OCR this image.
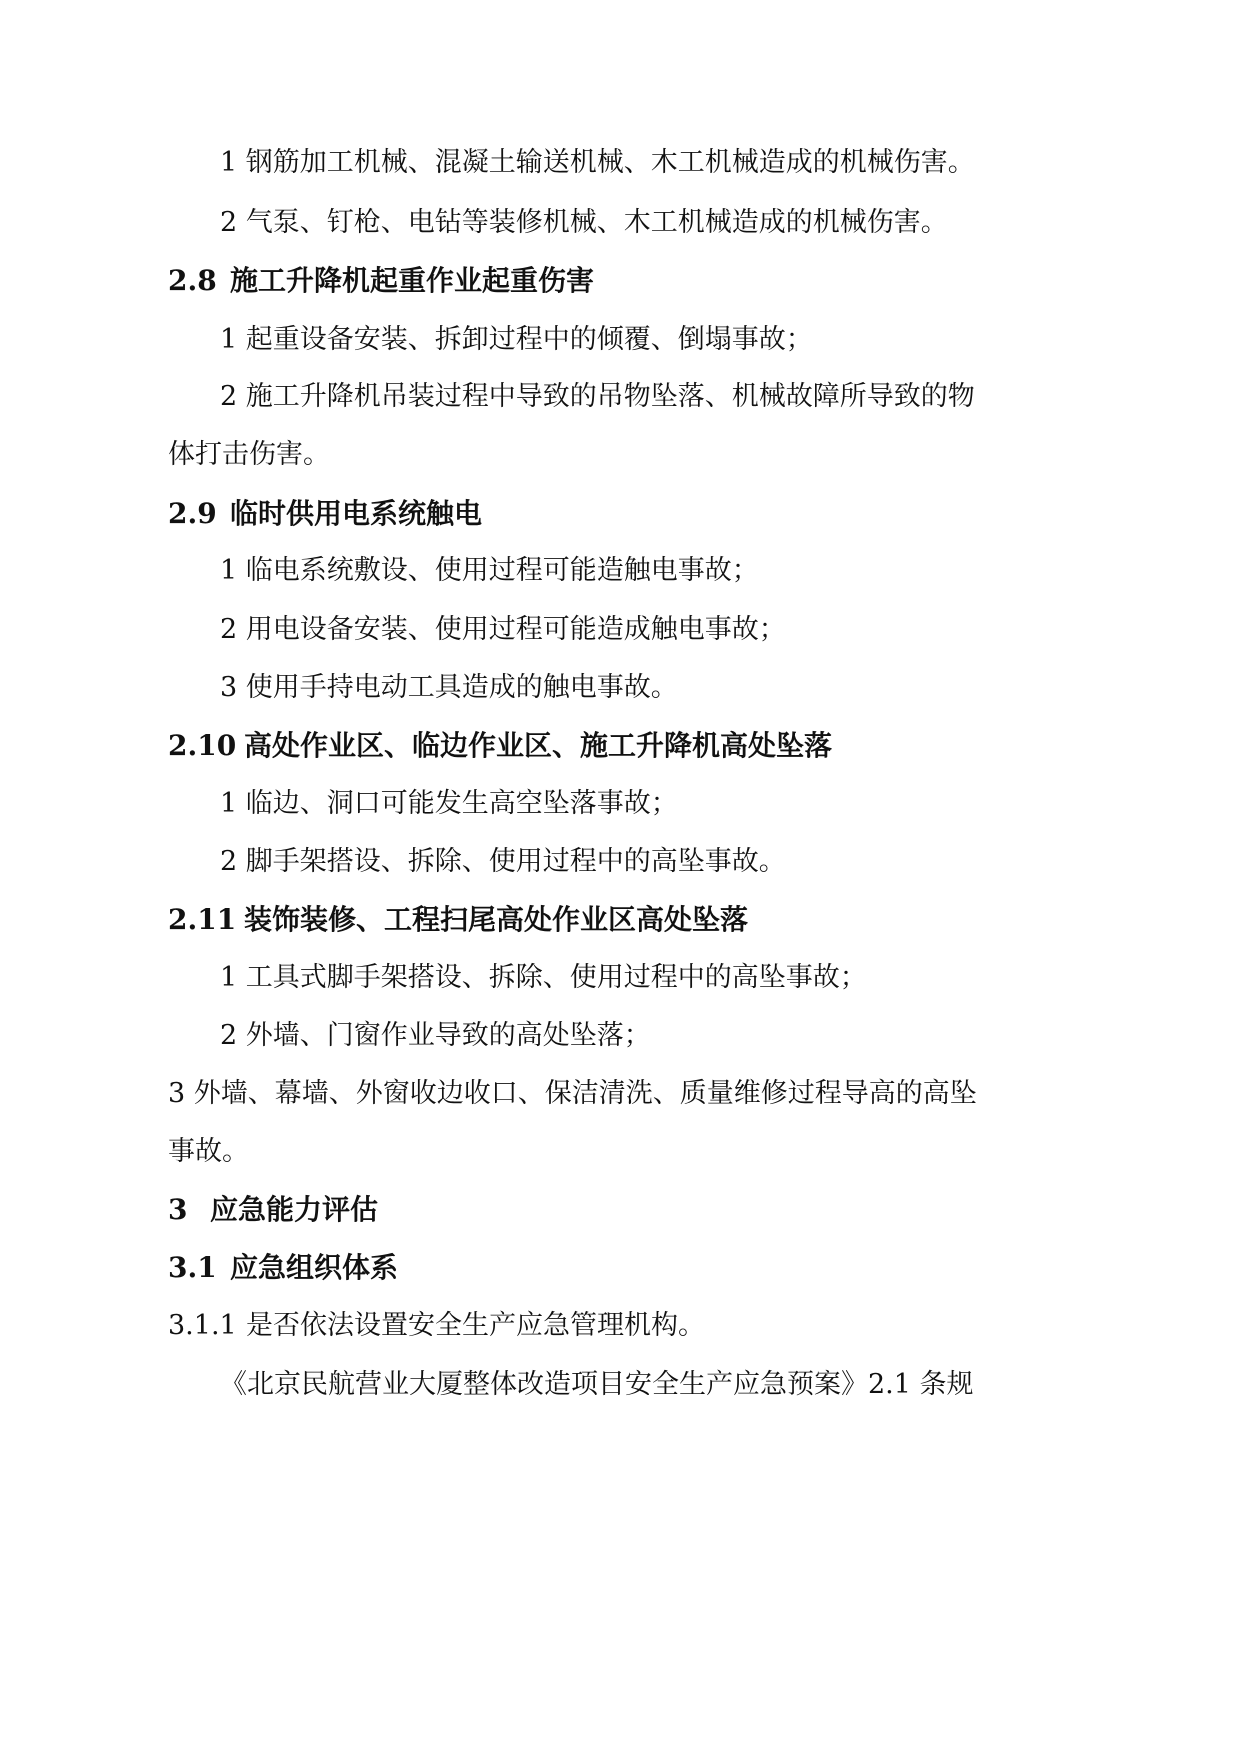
1 钢筋加工机械、混凝土输送机械、木工机械造成的机械伤害。
2 气泵、钉枪、电钻等装修机械、木工机械造成的机械伤害。
2.8 施工升降机起重作业起重伤害
1 起重设备安装、拆卸过程中的倾覆、倒塌事故；
2 施工升降机吊装过程中导致的吊物坠落、机械故障所导致的物
体打击伤害。
2.9 临时供用电系统触电
1 临电系统敷设、使用过程可能造触电事故；
2 用电设备安装、使用过程可能造成触电事故；
3 使用手持电动工具造成的触电事故。
2.10 高处作业区、临边作业区、施工升降机高处坠落
1 临边、洞口可能发生高空坠落事故；
2 脚手架搭设、拆除、使用过程中的高坠事故。
2.11 装饰装修、工程扫尾高处作业区高处坠落
1 工具式脚手架搭设、拆除、使用过程中的高坠事故；
2 外墙、门窗作业导致的高处坠落；
3 外墙、幕墙、外窗收边收口、保洁清洗、质量维修过程导高的高坠
事故。
3 应急能力评估
3.1 应急组织体系
3.1.1 是否依法设置安全生产应急管理机构。
《北京民航营业大厦整体改造项目安全生产应急预案》2.1 条规
